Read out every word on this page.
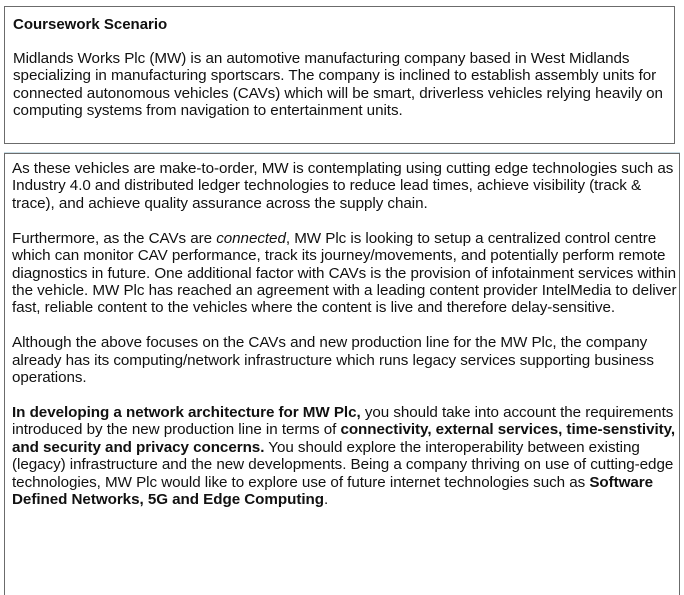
Coursework Scenario

Midlands Works Plc (MW) is an automotive manufacturing company based in West Midlands specializing in manufacturing sportscars. The company is inclined to establish assembly units for connected autonomous vehicles (CAVs) which will be smart, driverless vehicles relying heavily on computing systems from navigation to entertainment units.

As these vehicles are make-to-order, MW is contemplating using cutting edge technologies such as Industry 4.0 and distributed ledger technologies to reduce lead times, achieve visibility (track & trace), and achieve quality assurance across the supply chain.

Furthermore, as the CAVs are connected, MW Plc is looking to setup a centralized control centre which can monitor CAV performance, track its journey/movements, and potentially perform remote diagnostics in future. One additional factor with CAVs is the provision of infotainment services within the vehicle. MW Plc has reached an agreement with a leading content provider IntelMedia to deliver fast, reliable content to the vehicles where the content is live and therefore delay-sensitive.

Although the above focuses on the CAVs and new production line for the MW Plc, the company already has its computing/network infrastructure which runs legacy services supporting business operations.

In developing a network architecture for MW Plc, you should take into account the requirements introduced by the new production line in terms of connectivity, external services, time-senstivity, and security and privacy concerns. You should explore the interoperability between existing (legacy) infrastructure and the new developments. Being a company thriving on use of cutting-edge technologies, MW Plc would like to explore use of future internet technologies such as Software Defined Networks, 5G and Edge Computing.
